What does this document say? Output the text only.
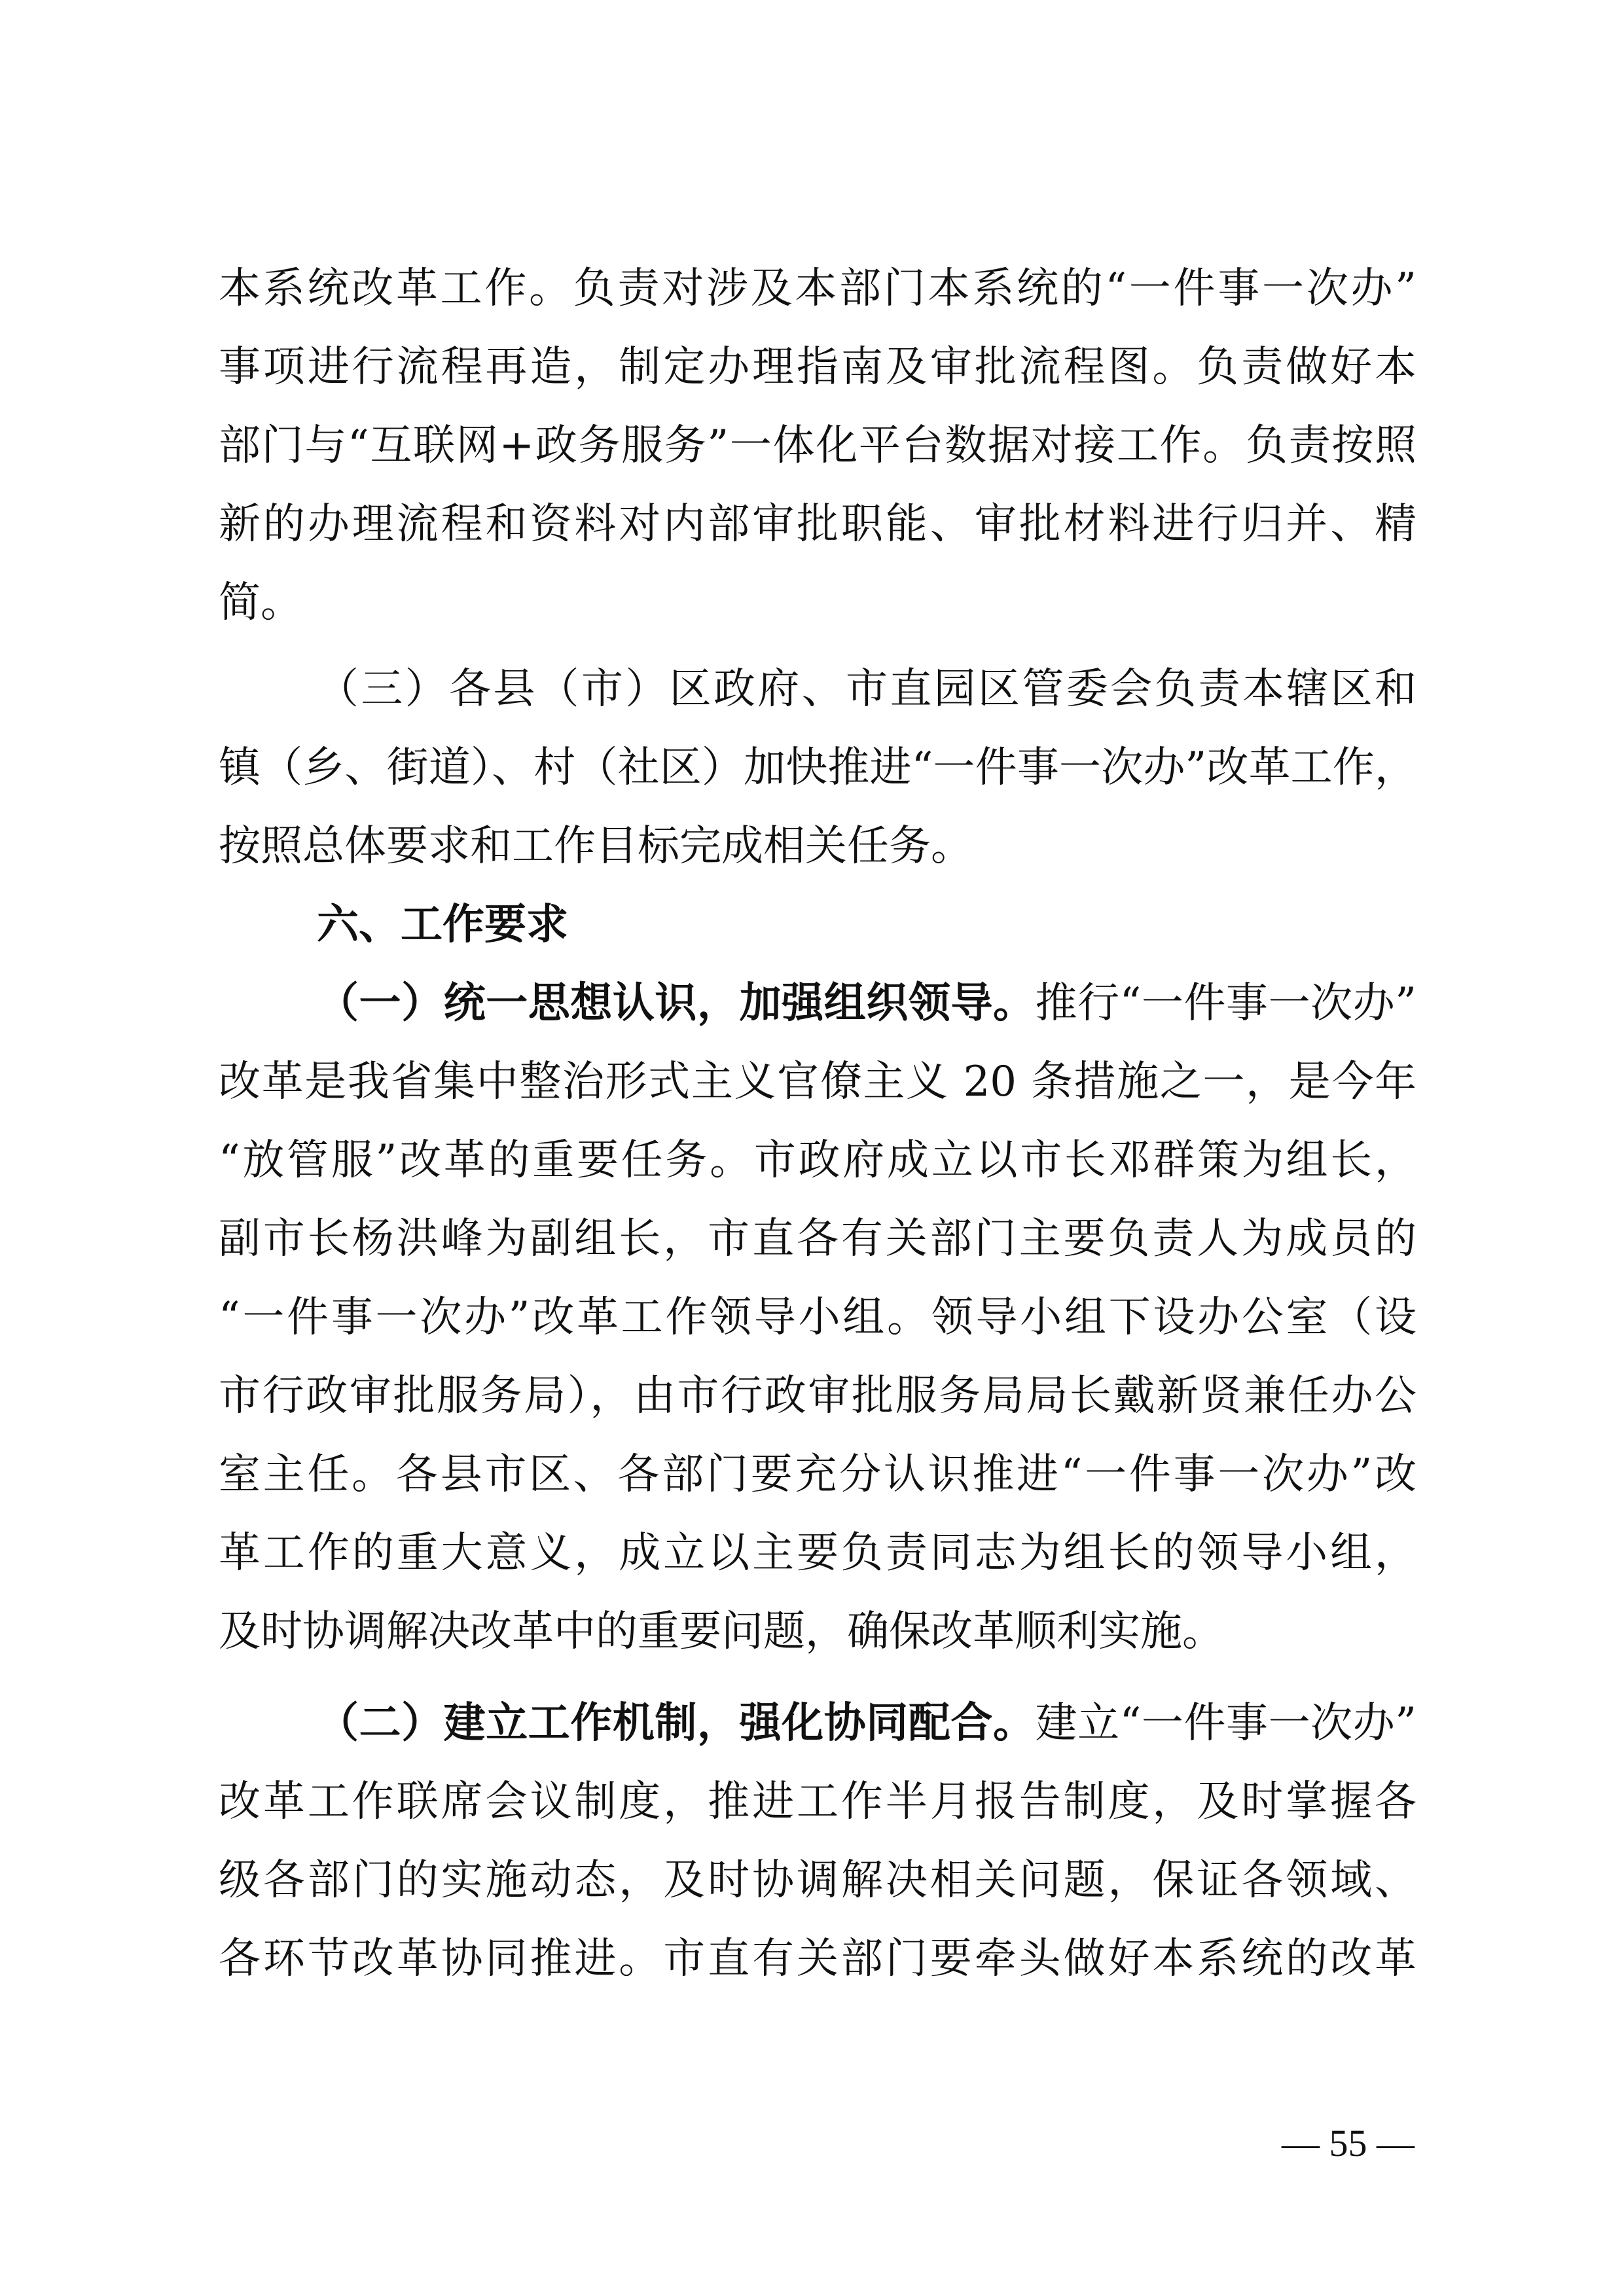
本系统改革工作。负责对涉及本部门本系统的“一件事一次办”
事项进行流程再造，制定办理指南及审批流程图。负责做好本
部门与“互联网+政务服务”一体化平台数据对接工作。负责按照
新的办理流程和资料对内部审批职能、审批材料进行归并、精
简。
（三）各县（市）区政府、市直园区管委会负责本辖区和
镇（乡、街道）、村（社区）加快推进“一件事一次办”改革工作，
按照总体要求和工作目标完成相关任务。
六、工作要求
（一）统一思想认识，加强组织领导。推行“一件事一次办”
改革是我省集中整治形式主义官僚主义 20 条措施之一，是今年
“放管服”改革的重要任务。市政府成立以市长邓群策为组长，
副市长杨洪峰为副组长，市直各有关部门主要负责人为成员的
“一件事一次办”改革工作领导小组。领导小组下设办公室（设
市行政审批服务局），由市行政审批服务局局长戴新贤兼任办公
室主任。各县市区、各部门要充分认识推进“一件事一次办”改
革工作的重大意义，成立以主要负责同志为组长的领导小组，
及时协调解决改革中的重要问题，确保改革顺利实施。
（二）建立工作机制，强化协同配合。建立“一件事一次办”
改革工作联席会议制度，推进工作半月报告制度，及时掌握各
级各部门的实施动态，及时协调解决相关问题，保证各领域、
各环节改革协同推进。市直有关部门要牵头做好本系统的改革
— 55 —
